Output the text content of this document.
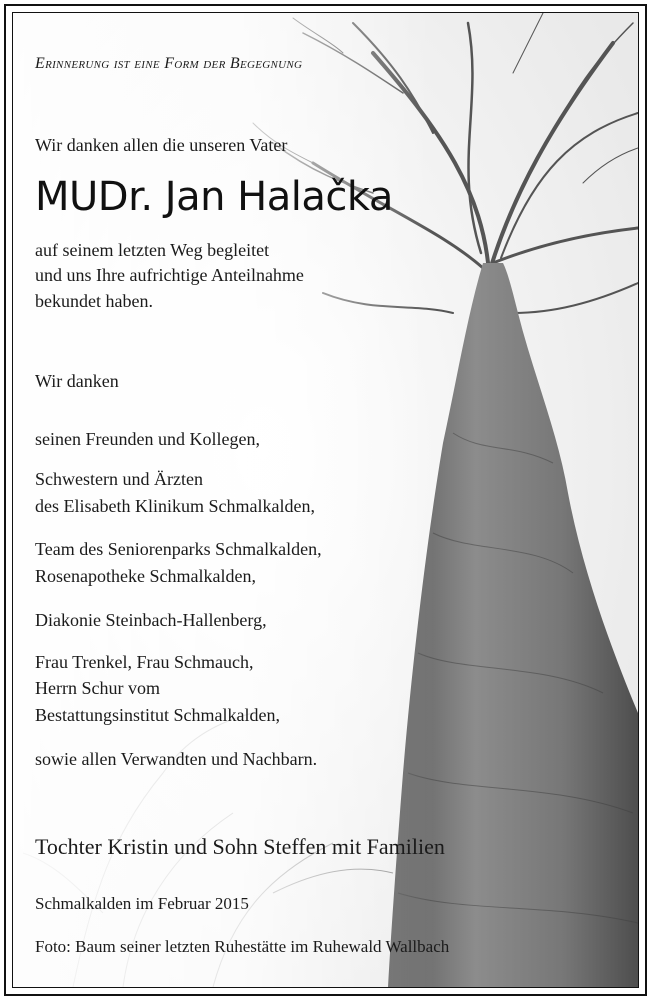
Erinnerung ist eine Form der Begegnung
Wir danken allen die unseren Vater
MUDr. Jan Halačka
auf seinem letzten Weg begleitet
und uns Ihre aufrichtige Anteilnahme
bekundet haben.
Wir danken
seinen Freunden und Kollegen,
Schwestern und Ärzten
des Elisabeth Klinikum Schmalkalden,
Team des Seniorenparks Schmalkalden,
Rosenapotheke Schmalkalden,
Diakonie Steinbach-Hallenberg,
Frau Trenkel, Frau Schmauch,
Herrn Schur vom
Bestattungsinstitut Schmalkalden,
sowie allen Verwandten und Nachbarn.
Tochter Kristin und Sohn Steffen mit Familien
Schmalkalden im Februar 2015
Foto: Baum seiner letzten Ruhestätte im Ruhewald Wallbach
